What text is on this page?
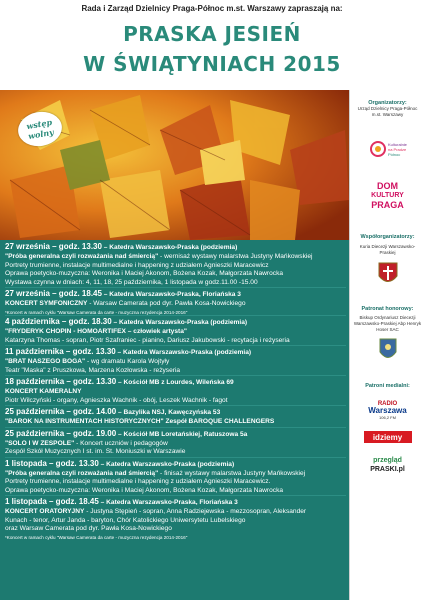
Rada i Zarząd Dzielnicy Praga-Północ m.st. Warszawy zapraszają na:
PRASKA JESIEŃ
W ŚWIĄTYNIACH 2015
wstęp
wolny
Organizatorzy:
Urząd Dzielnicy Praga-Północ m.st. Warszawy
Kulturalnie
na Pradze
Północ
DOM
KULTURY
PRAGA
Współorganizatorzy:
Kuria Diecezji Warszawsko-Praskiej
Patronat honorowy:
Biskup Ordynariusz Diecezji Warszawsko-Praskiej Abp Henryk Hoser SAC
Patroni medialni:
RADIO
Warszawa
106,2 FM
idziemy
przegląd
PRASKI.pl
27 września – godz. 13.30 – Katedra Warszawsko-Praska (podziemia)
"Próba generalna czyli rozważania nad śmiercią" - wernisaż wystawy malarstwa Justyny Mańkowskiej
Portrety trumienne, instalacje multimedialne i happening z udziałem Agnieszki Maracewicz
Oprawa poetycko-muzyczna: Weronika i Maciej Akonom, Bożena Kozak, Małgorzata Nawrocka
Wystawa czynna w dniach: 4, 11, 18, 25 października, 1 listopada w godz.11.00 -15.00
27 września – godz. 18.45 – Katedra Warszawsko-Praska, Floriańska 3
KONCERT SYMFONICZNY - Warsaw Camerata pod dyr. Pawła Kosa-Nowickiego
*Koncert w ramach cyklu "Warsaw Camerata da carte - muzyczna rezydencja 2014-2016"
4 października – godz. 18.30 – Katedra Warszawsko-Praska (podziemia)
"FRYDERYK CHOPIN - HOMOARTIFEX – człowiek artysta"
Katarzyna Thomas - sopran, Piotr Szafraniec - pianino, Dariusz Jakubowski - recytacja i reżyseria
11 października – godz. 13.30 – Katedra Warszawsko-Praska (podziemia)
"BRAT NASZEGO BOGA" - wg dramatu Karola Wojtyły
Teatr "Maska" z Pruszkowa, Marzena Kozłowska - reżyseria
18 października – godz. 13.30 – Kościół MB z Lourdes, Wileńska 69
KONCERT KAMERALNY
Piotr Wilczyński - organy, Agnieszka Wachnik - obój, Leszek Wachnik - fagot
25 października – godz. 14.00 – Bazylika NSJ, Kawęczyńska 53
"BAROK NA INSTRUMENTACH HISTORYCZNYCH" Zespół BAROQUE CHALLENGERS
25 października – godz. 19.00 – Kościół MB Loretańskiej, Ratuszowa 5a
"SOLO I W ZESPOLE" - Koncert uczniów i pedagogów
Zespół Szkół Muzycznych I st. im. St. Moniuszki w Warszawie
1 listopada – godz. 13.30 – Katedra Warszawsko-Praska (podziemia)
"Próba generalna czyli rozważania nad śmiercią" - finisaż wystawy malarstwa Justyny Mańkowskiej
Portrety trumienne, instalacje multimedialne i happening z udziałem Agnieszki Maracewicz.
Oprawa poetycko-muzyczna: Weronika i Maciej Akonom, Bożena Kozak, Małgorzata Nawrocka
1 listopada – godz. 18.45 – Katedra Warszawsko-Praska, Floriańska 3
KONCERT ORATORYJNY - Justyna Stępień - sopran, Anna Radziejewska - mezzosopran, Aleksander
Kunach - tenor, Artur Janda - baryton, Chór Katolickiego Uniwersytetu Lubelskiego
oraz Warsaw Camerata pod dyr. Pawła Kosa-Nowickiego
*Koncert w ramach cyklu "Warsaw Camerata da carte - muzyczna rezydencja 2014-2016"
